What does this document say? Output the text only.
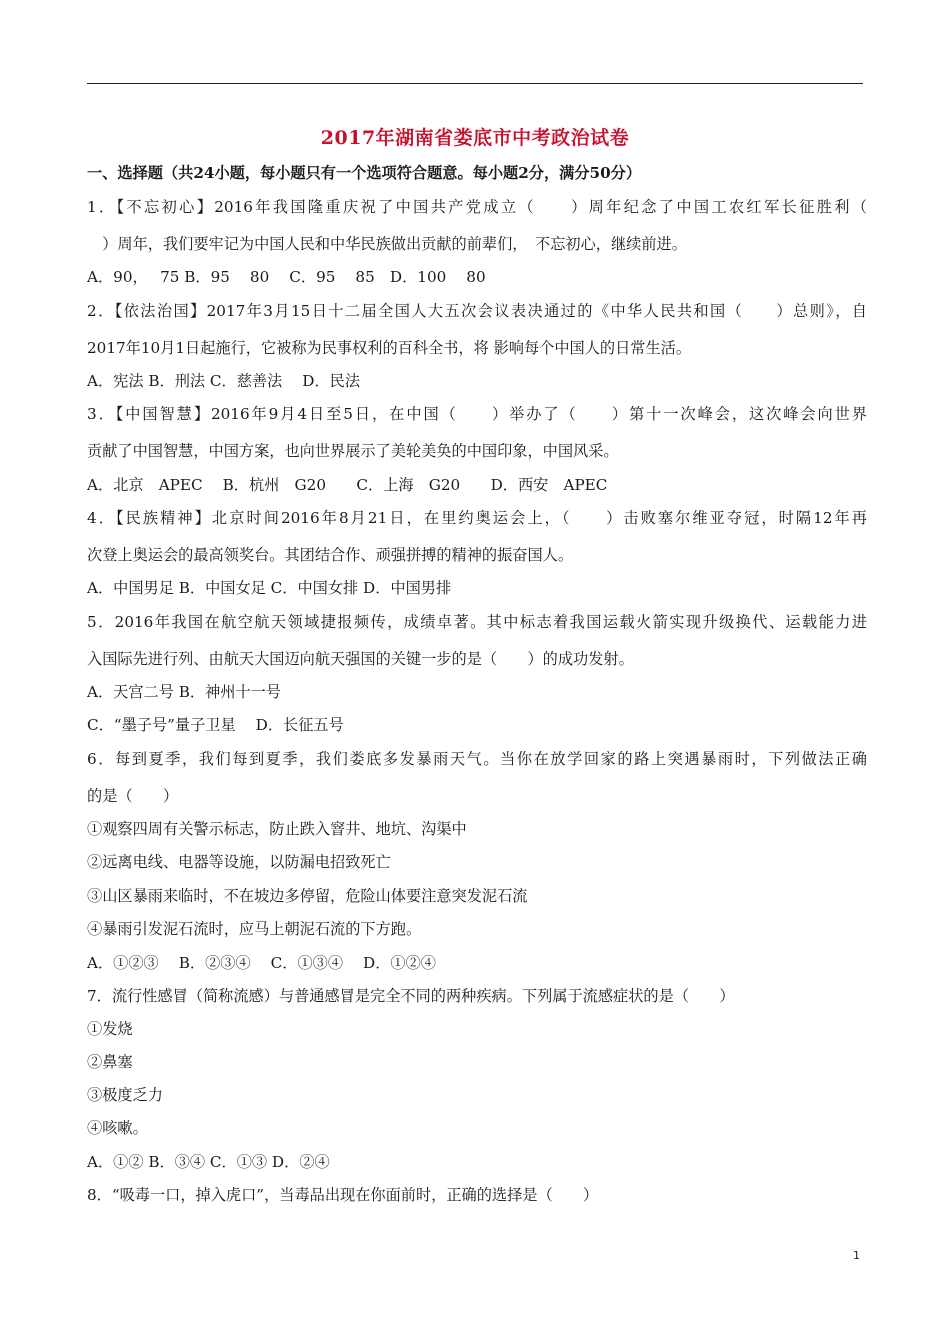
2017年湖南省娄底市中考政治试卷
一、选择题（共24小题，每小题只有一个选项符合题意。每小题2分，满分50分）
1．【不忘初心】2016年我国隆重庆祝了中国共产党成立（　　）周年纪念了中国工农红军长征胜利（
　）周年，我们要牢记为中国人民和中华民族做出贡献的前辈们，　不忘初心，继续前进。
A．90，　 75 B．95　 80　 C．95　 85　D．100　 80
2．【依法治国】2017年3月15日十二届全国人大五次会议表决通过的《中华人民共和国（　　）总则》，自
2017年10月1日起施行，它被称为民事权利的百科全书，将 影响每个中国人的日常生活。
A．宪法 B．刑法 C．慈善法　 D．民法
3．【中国智慧】2016年9月4日至5日，在中国（　　）举办了（　　）第十一次峰会，这次峰会向世界
贡献了中国智慧，中国方案，也向世界展示了美轮美奂的中国印象，中国风采。
A．北京　APEC　 B．杭州　G20　　C．上海　G20　　D．西安　APEC
4．【民族精神】北京时间2016年8月21日，在里约奥运会上，（　　）击败塞尔维亚夺冠，时隔12年再
次登上奥运会的最高领奖台。其团结合作、顽强拼搏的精神的振奋国人。
A．中国男足 B．中国女足 C．中国女排 D．中国男排
5．2016年我国在航空航天领域捷报频传，成绩卓著。其中标志着我国运载火箭实现升级换代、运载能力进
入国际先进行列、由航天大国迈向航天强国的关键一步的是（　　）的成功发射。
A．天宫二号 B．神州十一号
C．“墨子号”量子卫星　 D．长征五号
6．每到夏季，我们每到夏季，我们娄底多发暴雨天气。当你在放学回家的路上突遇暴雨时，下列做法正确
的是（　　）
①观察四周有关警示标志，防止跌入窨井、地坑、沟渠中
②远离电线、电器等设施，以防漏电招致死亡
③山区暴雨来临时，不在坡边多停留，危险山体要注意突发泥石流
④暴雨引发泥石流时，应马上朝泥石流的下方跑。
A．①②③　 B．②③④　 C．①③④　 D．①②④
7．流行性感冒（简称流感）与普通感冒是完全不同的两种疾病。下列属于流感症状的是（　　）
①发烧
②鼻塞
③极度乏力
④咳嗽。
A．①② B．③④ C．①③ D．②④
8．“吸毒一口，掉入虎口”，当毒品出现在你面前时，正确的选择是（　　）
1
